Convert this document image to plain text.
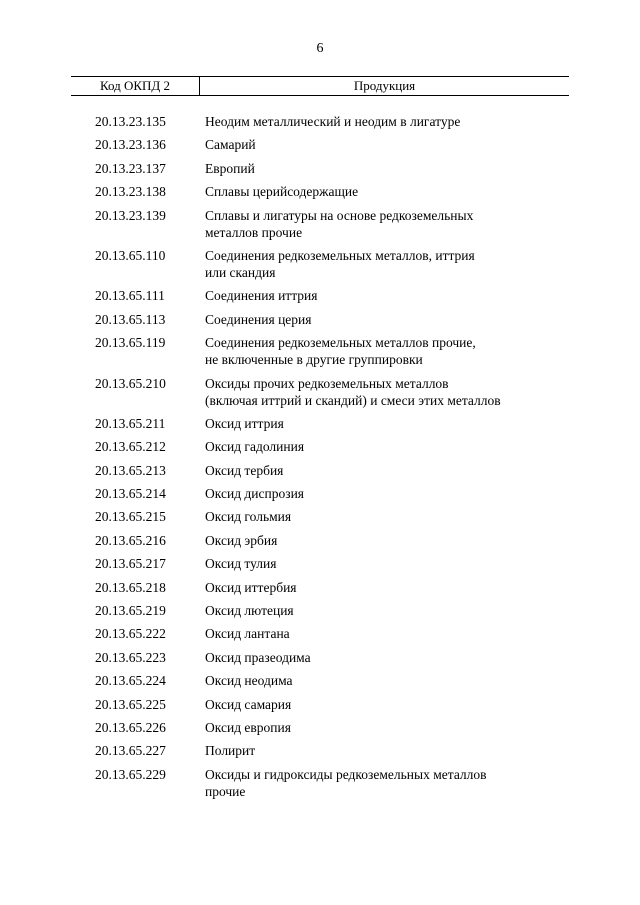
6
Код ОКПД 2	Продукция
20.13.23.135	Неодим металлический и неодим в лигатуре
20.13.23.136	Самарий
20.13.23.137	Европий
20.13.23.138	Сплавы церийсодержащие
20.13.23.139	Сплавы и лигатуры на основе редкоземельных
металлов прочие
20.13.65.110	Соединения редкоземельных металлов, иттрия
или скандия
20.13.65.111	Соединения иттрия
20.13.65.113	Соединения церия
20.13.65.119	Соединения редкоземельных металлов прочие,
не включенные в другие группировки
20.13.65.210	Оксиды прочих редкоземельных металлов
(включая иттрий и скандий) и смеси этих металлов
20.13.65.211	Оксид иттрия
20.13.65.212	Оксид гадолиния
20.13.65.213	Оксид тербия
20.13.65.214	Оксид диспрозия
20.13.65.215	Оксид гольмия
20.13.65.216	Оксид эрбия
20.13.65.217	Оксид тулия
20.13.65.218	Оксид иттербия
20.13.65.219	Оксид лютеция
20.13.65.222	Оксид лантана
20.13.65.223	Оксид празеодима
20.13.65.224	Оксид неодима
20.13.65.225	Оксид самария
20.13.65.226	Оксид европия
20.13.65.227	Полирит
20.13.65.229	Оксиды и гидроксиды редкоземельных металлов
прочие
